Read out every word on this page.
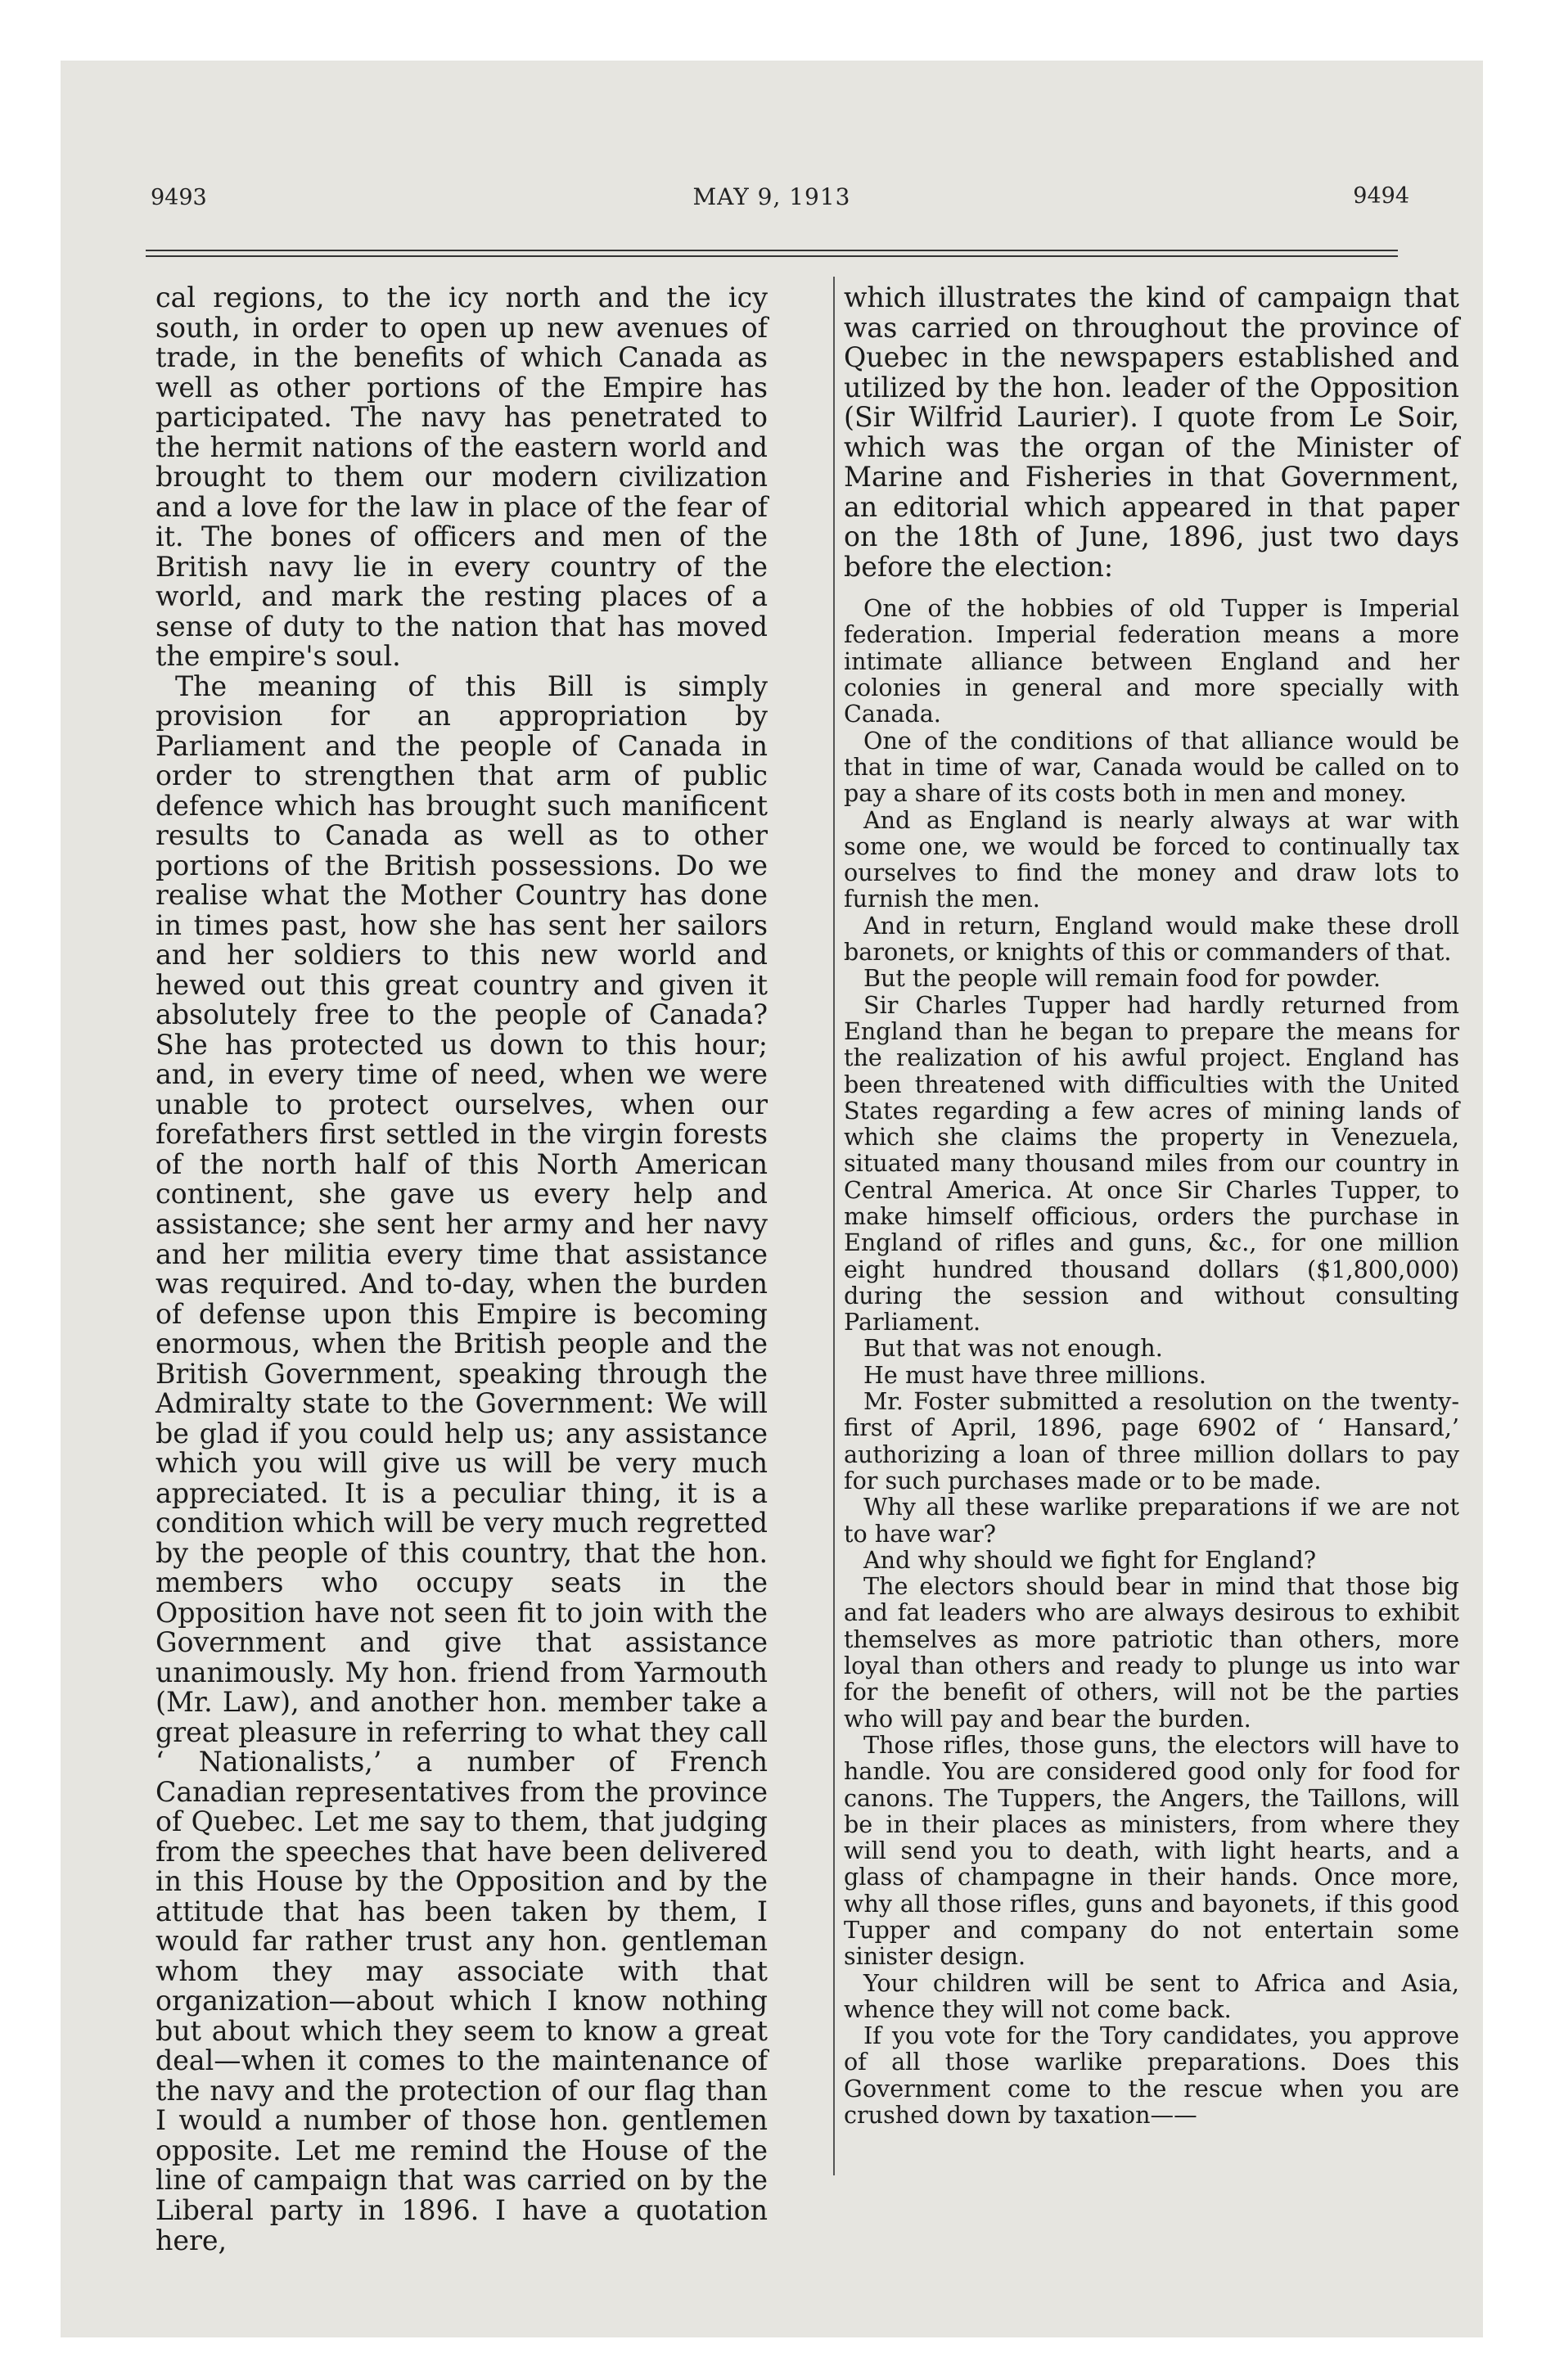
9493	MAY 9, 1913	9494

cal regions, to the icy north and the icy south, in order to open up new avenues of trade, in the benefits of which Canada as well as other portions of the Empire has participated. The navy has penetrated to the hermit nations of the eastern world and brought to them our modern civilization and a love for the law in place of the fear of it. The bones of officers and men of the British navy lie in every country of the world, and mark the resting places of a sense of duty to the nation that has moved the empire's soul.

The meaning of this Bill is simply provision for an appropriation by Parliament and the people of Canada in order to strengthen that arm of public defence which has brought such manificent results to Canada as well as to other portions of the British possessions. Do we realise what the Mother Country has done in times past, how she has sent her sailors and her soldiers to this new world and hewed out this great country and given it absolutely free to the people of Canada? She has protected us down to this hour; and, in every time of need, when we were unable to protect ourselves, when our forefathers first settled in the virgin forests of the north half of this North American continent, she gave us every help and assistance; she sent her army and her navy and her militia every time that assistance was required. And to-day, when the burden of defense upon this Empire is becoming enormous, when the British people and the British Government, speaking through the Admiralty state to the Government: We will be glad if you could help us; any assistance which you will give us will be very much appreciated. It is a peculiar thing, it is a condition which will be very much regretted by the people of this country, that the hon. members who occupy seats in the Opposition have not seen fit to join with the Government and give that assistance unanimously. My hon. friend from Yarmouth (Mr. Law), and another hon. member take a great pleasure in referring to what they call ‘ Nationalists,’ a number of French Canadian representatives from the province of Quebec. Let me say to them, that judging from the speeches that have been delivered in this House by the Opposition and by the attitude that has been taken by them, I would far rather trust any hon. gentleman whom they may associate with that organization—about which I know nothing but about which they seem to know a great deal—when it comes to the maintenance of the navy and the protection of our flag than I would a number of those hon. gentlemen opposite. Let me remind the House of the line of campaign that was carried on by the Liberal party in 1896. I have a quotation here,

which illustrates the kind of campaign that was carried on throughout the province of Quebec in the newspapers established and utilized by the hon. leader of the Opposition (Sir Wilfrid Laurier). I quote from Le Soir, which was the organ of the Minister of Marine and Fisheries in that Government, an editorial which appeared in that paper on the 18th of June, 1896, just two days before the election:

One of the hobbies of old Tupper is Imperial federation. Imperial federation means a more intimate alliance between England and her colonies in general and more specially with Canada.

One of the conditions of that alliance would be that in time of war, Canada would be called on to pay a share of its costs both in men and money.

And as England is nearly always at war with some one, we would be forced to continually tax ourselves to find the money and draw lots to furnish the men.

And in return, England would make these droll baronets, or knights of this or commanders of that.

But the people will remain food for powder.

Sir Charles Tupper had hardly returned from England than he began to prepare the means for the realization of his awful project. England has been threatened with difficulties with the United States regarding a few acres of mining lands of which she claims the property in Venezuela, situated many thousand miles from our country in Central America. At once Sir Charles Tupper, to make himself officious, orders the purchase in England of rifles and guns, &c., for one million eight hundred thousand dollars ($1,800,000) during the session and without consulting Parliament.

But that was not enough.

He must have three millions.

Mr. Foster submitted a resolution on the twenty-first of April, 1896, page 6902 of ‘ Hansard,’ authorizing a loan of three million dollars to pay for such purchases made or to be made.

Why all these warlike preparations if we are not to have war?

And why should we fight for England?

The electors should bear in mind that those big and fat leaders who are always desirous to exhibit themselves as more patriotic than others, more loyal than others and ready to plunge us into war for the benefit of others, will not be the parties who will pay and bear the burden.

Those rifles, those guns, the electors will have to handle. You are considered good only for food for canons. The Tuppers, the Angers, the Taillons, will be in their places as ministers, from where they will send you to death, with light hearts, and a glass of champagne in their hands. Once more, why all those rifles, guns and bayonets, if this good Tupper and company do not entertain some sinister design.

Your children will be sent to Africa and Asia, whence they will not come back.

If you vote for the Tory candidates, you approve of all those warlike preparations. Does this Government come to the rescue when you are crushed down by taxation——
